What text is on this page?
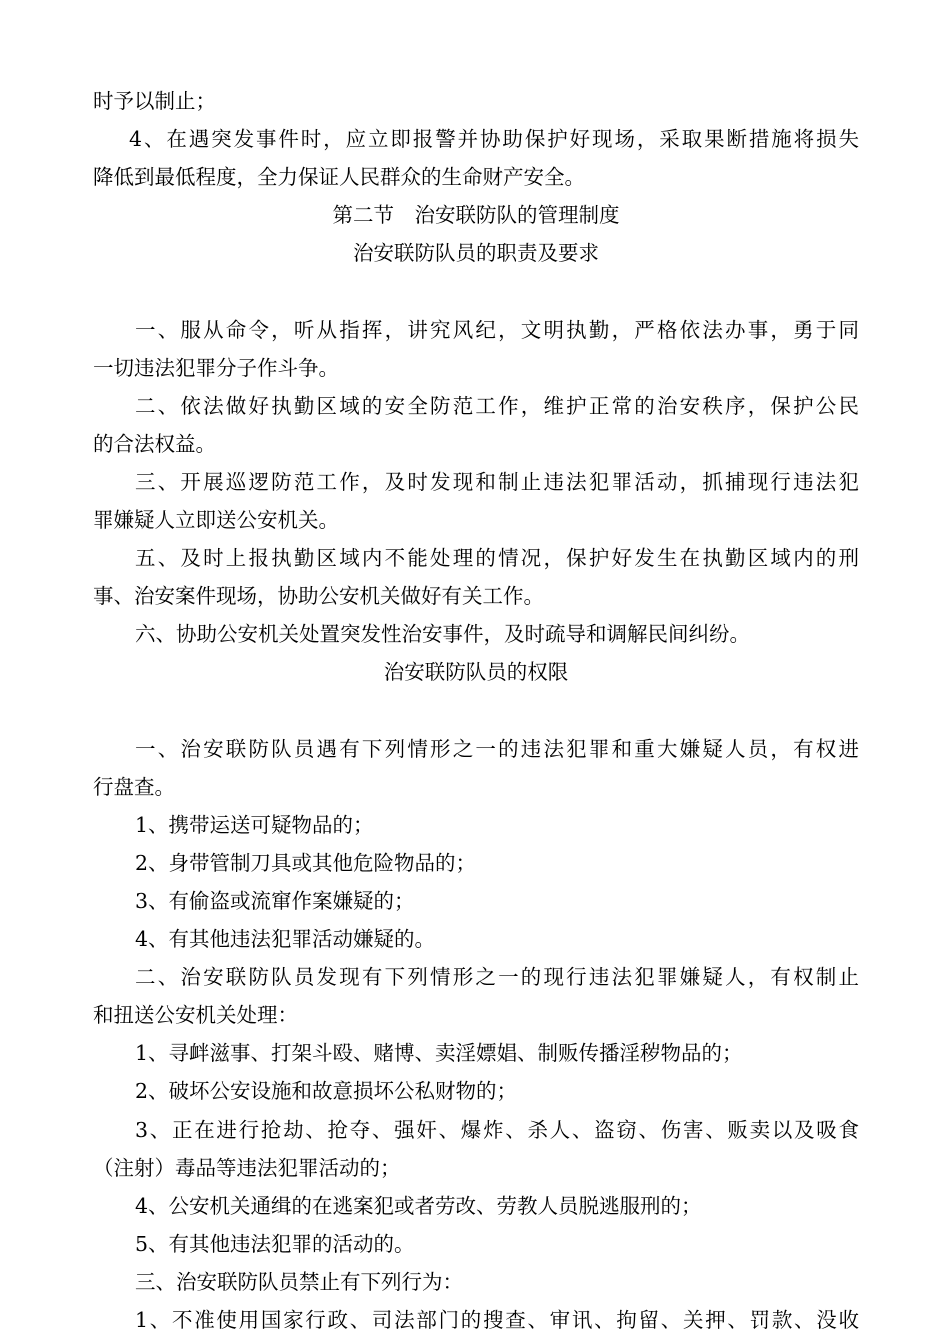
时予以制止；
4、在遇突发事件时，应立即报警并协助保护好现场，采取果断措施将损失
降低到最低程度，全力保证人民群众的生命财产安全。
第二节　治安联防队的管理制度
治安联防队员的职责及要求
一、服从命令，听从指挥，讲究风纪，文明执勤，严格依法办事，勇于同
一切违法犯罪分子作斗争。
二、依法做好执勤区域的安全防范工作，维护正常的治安秩序，保护公民
的合法权益。
三、开展巡逻防范工作，及时发现和制止违法犯罪活动，抓捕现行违法犯
罪嫌疑人立即送公安机关。
五、及时上报执勤区域内不能处理的情况，保护好发生在执勤区域内的刑
事、治安案件现场，协助公安机关做好有关工作。
六、协助公安机关处置突发性治安事件，及时疏导和调解民间纠纷。
治安联防队员的权限
一、治安联防队员遇有下列情形之一的违法犯罪和重大嫌疑人员，有权进
行盘查。
1、携带运送可疑物品的；
2、身带管制刀具或其他危险物品的；
3、有偷盗或流窜作案嫌疑的；
4、有其他违法犯罪活动嫌疑的。
二、治安联防队员发现有下列情形之一的现行违法犯罪嫌疑人，有权制止
和扭送公安机关处理：
1、寻衅滋事、打架斗殴、赌博、卖淫嫖娼、制贩传播淫秽物品的；
2、破坏公安设施和故意损坏公私财物的；
3、正在进行抢劫、抢夺、强奸、爆炸、杀人、盗窃、伤害、贩卖以及吸食
（注射）毒品等违法犯罪活动的；
4、公安机关通缉的在逃案犯或者劳改、劳教人员脱逃服刑的；
5、有其他违法犯罪的活动的。
三、治安联防队员禁止有下列行为：
1、不准使用国家行政、司法部门的搜查、审讯、拘留、关押、罚款、没收
